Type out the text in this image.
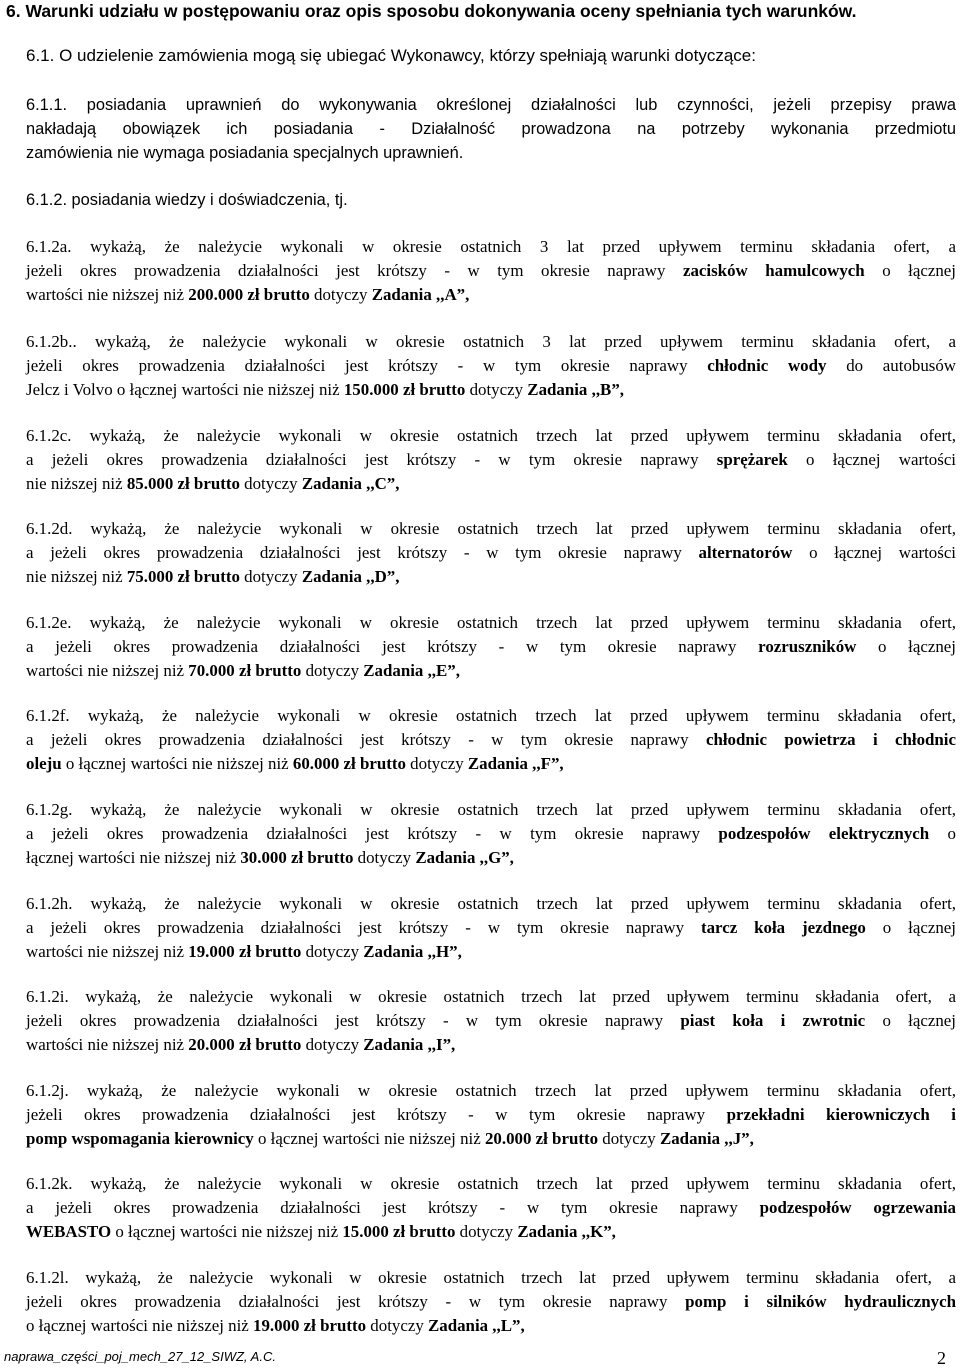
6. Warunki udziału w postępowaniu oraz opis sposobu dokonywania oceny spełniania tych warunków.
6.1. O udzielenie zamówienia mogą się ubiegać Wykonawcy, którzy spełniają warunki dotyczące:
6.1.1. posiadania uprawnień do wykonywania określonej działalności lub czynności, jeżeli przepisy prawa
nakładają obowiązek ich posiadania - Działalność prowadzona na potrzeby wykonania przedmiotu
zamówienia nie wymaga posiadania specjalnych uprawnień.
6.1.2. posiadania wiedzy i doświadczenia, tj.
6.1.2a. wykażą, że należycie wykonali w okresie ostatnich 3 lat przed upływem terminu składania ofert, a
jeżeli okres prowadzenia działalności jest krótszy - w tym okresie naprawy zacisków hamulcowych o łącznej
wartości nie niższej niż 200.000 zł brutto dotyczy Zadania ,,A”,
6.1.2b.. wykażą, że należycie wykonali w okresie ostatnich 3 lat przed upływem terminu składania ofert, a
jeżeli okres prowadzenia działalności jest krótszy - w tym okresie naprawy chłodnic wody do autobusów
Jelcz i Volvo o łącznej wartości nie niższej niż 150.000 zł brutto dotyczy Zadania ,,B”,
6.1.2c. wykażą, że należycie wykonali w okresie ostatnich trzech lat przed upływem terminu składania ofert,
a jeżeli okres prowadzenia działalności jest krótszy - w tym okresie naprawy sprężarek o łącznej wartości
nie niższej niż 85.000 zł brutto dotyczy Zadania ,,C”,
6.1.2d. wykażą, że należycie wykonali w okresie ostatnich trzech lat przed upływem terminu składania ofert,
a jeżeli okres prowadzenia działalności jest krótszy - w tym okresie naprawy alternatorów o łącznej wartości
nie niższej niż 75.000 zł brutto dotyczy Zadania ,,D”,
6.1.2e. wykażą, że należycie wykonali w okresie ostatnich trzech lat przed upływem terminu składania ofert,
a jeżeli okres prowadzenia działalności jest krótszy - w tym okresie naprawy rozruszników o łącznej
wartości nie niższej niż 70.000 zł brutto dotyczy Zadania ,,E”,
6.1.2f. wykażą, że należycie wykonali w okresie ostatnich trzech lat przed upływem terminu składania ofert,
a jeżeli okres prowadzenia działalności jest krótszy - w tym okresie naprawy chłodnic powietrza i chłodnic
oleju o łącznej wartości nie niższej niż 60.000 zł brutto dotyczy Zadania ,,F”,
6.1.2g. wykażą, że należycie wykonali w okresie ostatnich trzech lat przed upływem terminu składania ofert,
a jeżeli okres prowadzenia działalności jest krótszy - w tym okresie naprawy podzespołów elektrycznych o
łącznej wartości nie niższej niż 30.000 zł brutto dotyczy Zadania ,,G”,
6.1.2h. wykażą, że należycie wykonali w okresie ostatnich trzech lat przed upływem terminu składania ofert,
a jeżeli okres prowadzenia działalności jest krótszy - w tym okresie naprawy tarcz koła jezdnego o łącznej
wartości nie niższej niż 19.000 zł brutto dotyczy Zadania ,,H”,
6.1.2i. wykażą, że należycie wykonali w okresie ostatnich trzech lat przed upływem terminu składania ofert, a
jeżeli okres prowadzenia działalności jest krótszy - w tym okresie naprawy piast koła i zwrotnic o łącznej
wartości nie niższej niż 20.000 zł brutto dotyczy Zadania ,,I”,
6.1.2j. wykażą, że należycie wykonali w okresie ostatnich trzech lat przed upływem terminu składania ofert,
jeżeli okres prowadzenia działalności jest krótszy - w tym okresie naprawy przekładni kierowniczych i
pomp wspomagania kierownicy o łącznej wartości nie niższej niż 20.000 zł brutto dotyczy Zadania ,,J”,
6.1.2k. wykażą, że należycie wykonali w okresie ostatnich trzech lat przed upływem terminu składania ofert,
a jeżeli okres prowadzenia działalności jest krótszy - w tym okresie naprawy podzespołów ogrzewania
WEBASTO o łącznej wartości nie niższej niż 15.000 zł brutto dotyczy Zadania ,,K”,
6.1.2l. wykażą, że należycie wykonali w okresie ostatnich trzech lat przed upływem terminu składania ofert, a
jeżeli okres prowadzenia działalności jest krótszy - w tym okresie naprawy pomp i silników hydraulicznych
o łącznej wartości nie niższej niż 19.000 zł brutto dotyczy Zadania ,,L”,
naprawa_części_poj_mech_27_12_SIWZ, A.C.	2
